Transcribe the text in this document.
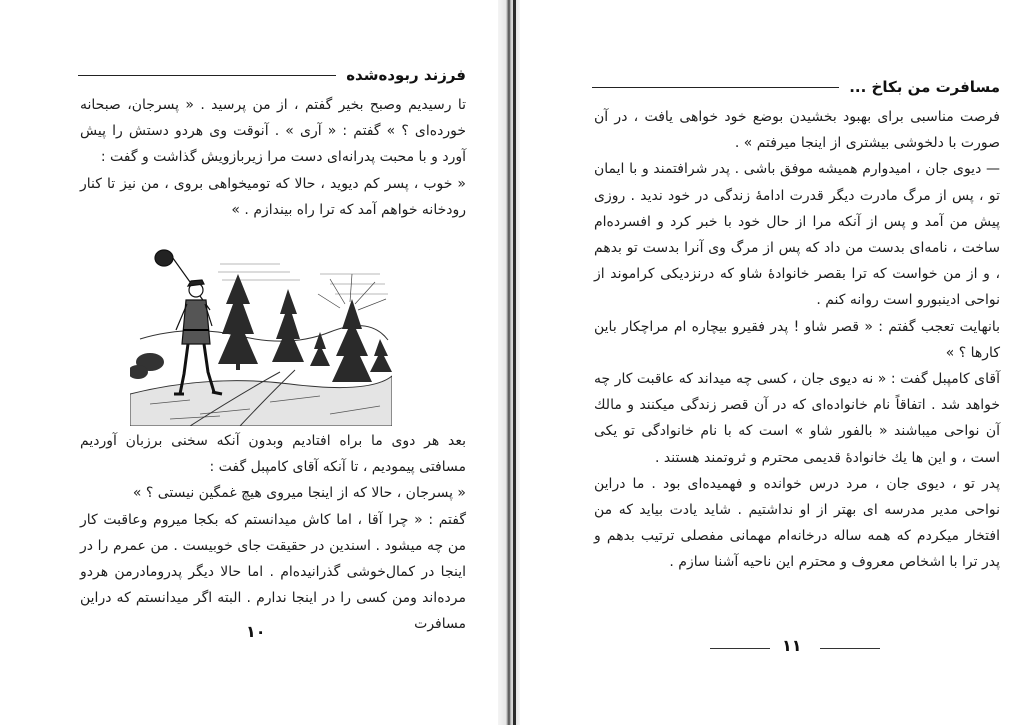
فرزند ربوده‌شده

تا رسیدیم وصبح بخیر گفتم ، از من پرسید . « پسرجان، صبحانه خورده‌ای ؟ » گفتم : « آری » . آنوقت وی هردو دستش را پیش آورد و با محبت پدرانه‌ای دست مرا زیربازویش گذاشت و گفت :

« خوب ، پسر کم دیوید ، حالا که تومیخواهی بروی ، من نیز تا کنار رودخانه خواهم آمد که ترا راه بیندازم . »

بعد هر دوی ما براه افتادیم وبدون آنکه سخنی برزبان آوردیم مسافتی پیمودیم ، تا آنکه آقای کامپبل گفت :

« پسرجان ، حالا که از اینجا میروی هیچ غمگین نیستی ؟ »

گفتم : « چرا آقا ، اما کاش میدانستم که بکجا میروم وعاقبت کار من چه میشود . اسندین در حقیقت جای خوبیست . من عمرم را در اینجا در کمال‌خوشی گذرانیده‌ام . اما حالا دیگر پدرومادرمن هردو مرده‌اند ومن کسی را در اینجا ندارم . البته اگر میدانستم که دراین مسافرت

۱۰
مسافرت من بکاخ ...

فرصت مناسبی برای بهبود بخشیدن بوضع خود خواهی یافت ، در آن صورت با دلخوشی بیشتری از اینجا میرفتم » .

— دیوی جان ، امیدوارم همیشه موفق باشی . پدر شرافتمند و با ایمان تو ، پس از مرگ مادرت دیگر قدرت ادامهٔ زندگی در خود ندید . روزی پیش من آمد و پس از آنکه مرا از حال خود با خبر کرد و افسرده‌ام ساخت ، نامه‌ای بدست من داد که پس از مرگ وی آنرا بدست تو بدهم ، و از من خواست که ترا بقصر خانوادهٔ شاو که درنزدیکی کراموند از نواحی ادینبورو است روانه کنم .

بانهایت تعجب گفتم : « قصر شاو ! پدر فقیرو بیچاره‌ ‌ام مراچکار باین کارها ؟ »

آقای کامپبل گفت : « نه دیوی جان ، کسی چه میداند که عاقبت کار چه خواهد شد . اتفاقاً نام خانواده‌ای که در آن قصر زندگی میکنند و مالك آن نواحی میباشند « بالفور شاو » است که با نام خانوادگی تو یکی است ، و این ها یك خانوادهٔ قدیمی محترم و ثروتمند هستند .

پدر تو ، دیوی جان ، مرد درس خوانده و فهمیده‌ای بود . ما دراین نواحی مدیر مدرسه ای بهتر از او نداشتیم . شاید یادت بیاید که من افتخار میکردم که همه ساله درخانه‌ام مهمانی مفصلی ترتیب بدهم و پدر ترا با اشخاص معروف و محترم این ناحیه آشنا سازم .

۱۱
